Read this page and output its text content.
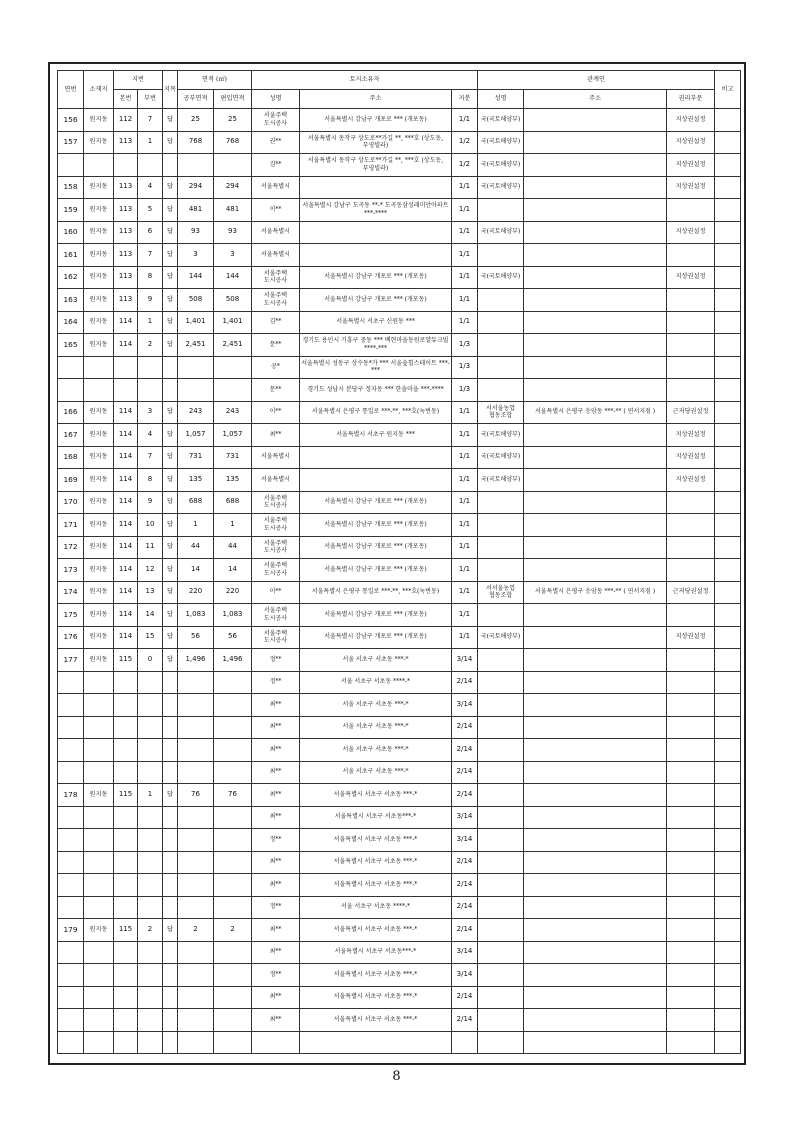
연번	소재지	지번		지목	면적 (㎡)		토지소유자			관계인			비고
		본번	부번		공부면적	편입면적	성명	주소	지분	성명	주소	권리부문	
156	원지동	112	7	답	25	25	서울주택 도시공사	서울특별시 강남구 개포로 *** (개포동)	1/1	국(국토해양부)		지상권설정	
157	원지동	113	1	답	768	768	권**	서울특별시 동작구 상도로**가길 **, ***호 (상도동,부영빌라)	1/2	국(국토해양부)		지상권설정	
							김**	서울특별시 동작구 상도로**가길 **, ***호 (상도동,부영빌라)	1/2	국(국토해양부)		지상권설정	
158	원지동	113	4	답	294	294	서울특별시		1/1	국(국토해양부)		지상권설정	
159	원지동	113	5	답	481	481	이**	서울특별시 강남구 도곡동 **-* 도곡동삼성래미안아파트 ***-****	1/1				
160	원지동	113	6	답	93	93	서울특별시		1/1	국(국토해양부)		지상권설정	
161	원지동	113	7	답	3	3	서울특별시		1/1				
162	원지동	113	8	답	144	144	서울주택 도시공사	서울특별시 강남구 개포로 *** (개포동)	1/1	국(국토해양부)		지상권설정	
163	원지동	113	9	답	508	508	서울주택 도시공사	서울특별시 강남구 개포로 *** (개포동)	1/1				
164	원지동	114	1	답	1,401	1,401	김**	서울특별시 서초구 신원동 ***	1/1				
165	원지동	114	2	답	2,451	2,451	문**	경기도 용인시 기흥구 중동 *** 백현마을동원로얄듀크빌 ****-***	1/3				
							공*	서울특별시 성동구 상수동*가 *** 서울숲힐스테이트 ***-***	1/3				
							문**	경기도 성남시 분당구 정자동 *** 한솔마을 ***-****	1/3				
166	원지동	114	3	답	243	243	이**	서울특별시 은평구 통일로 ***-**, ***호(녹번동)	1/1	서서울농업 협동조합	서울특별시 은평구 응암동 ***-** ( 연서지점 )	근저당권설정	
167	원지동	114	4	답	1,057	1,057	최**	서울특별시 서초구 원지동 ***	1/1	국(국토해양부)		지상권설정	
168	원지동	114	7	답	731	731	서울특별시		1/1	국(국토해양부)		지상권설정	
169	원지동	114	8	답	135	135	서울특별시		1/1	국(국토해양부)		지상권설정	
170	원지동	114	9	답	688	688	서울주택 도시공사	서울특별시 강남구 개포로 *** (개포동)	1/1				
171	원지동	114	10	답	1	1	서울주택 도시공사	서울특별시 강남구 개포로 *** (개포동)	1/1				
172	원지동	114	11	답	44	44	서울주택 도시공사	서울특별시 강남구 개포로 *** (개포동)	1/1				
173	원지동	114	12	답	14	14	서울주택 도시공사	서울특별시 강남구 개포로 *** (개포동)	1/1				
174	원지동	114	13	답	220	220	이**	서울특별시 은평구 통일로 ***-**, ***호(녹번동)	1/1	서서울농업 협동조합	서울특별시 은평구 응암동 ***-** ( 연서지점 )	근저당권설정	
175	원지동	114	14	답	1,083	1,083	서울주택 도시공사	서울특별시 강남구 개포로 *** (개포동)	1/1				
176	원지동	114	15	답	56	56	서울주택 도시공사	서울특별시 강남구 개포로 *** (개포동)	1/1	국(국토해양부)		지상권설정	
177	원지동	115	0	답	1,496	1,496	정**	서울 서초구 서초동 ***-*	3/14				
							정**	서울 서초구 서초동 ****-*	2/14				
							최**	서울 서초구 서초동 ***-*	3/14				
							최**	서울 서초구 서초동 ***-*	2/14				
							최**	서울 서초구 서초동 ***-*	2/14				
							최**	서울 서초구 서초동 ***-*	2/14				
178	원지동	115	1	답	76	76	최**	서울특별시 서초구 서초동 ***-*	2/14				
							최**	서울특별시 서초구 서초동***-*	3/14				
							정**	서울특별시 서초구 서초동 ***-*	3/14				
							최**	서울특별시 서초구 서초동 ***-*	2/14				
							최**	서울특별시 서초구 서초동 ***-*	2/14				
							정**	서울 서초구 서초동 ****-*	2/14				
179	원지동	115	2	답	2	2	최**	서울특별시 서초구 서초동 ***-*	2/14				
							최**	서울특별시 서초구 서초동***-*	3/14				
							정**	서울특별시 서초구 서초동 ***-*	3/14				
							최**	서울특별시 서초구 서초동 ***-*	2/14				
							최**	서울특별시 서초구 서초동 ***-*	2/14				

8
